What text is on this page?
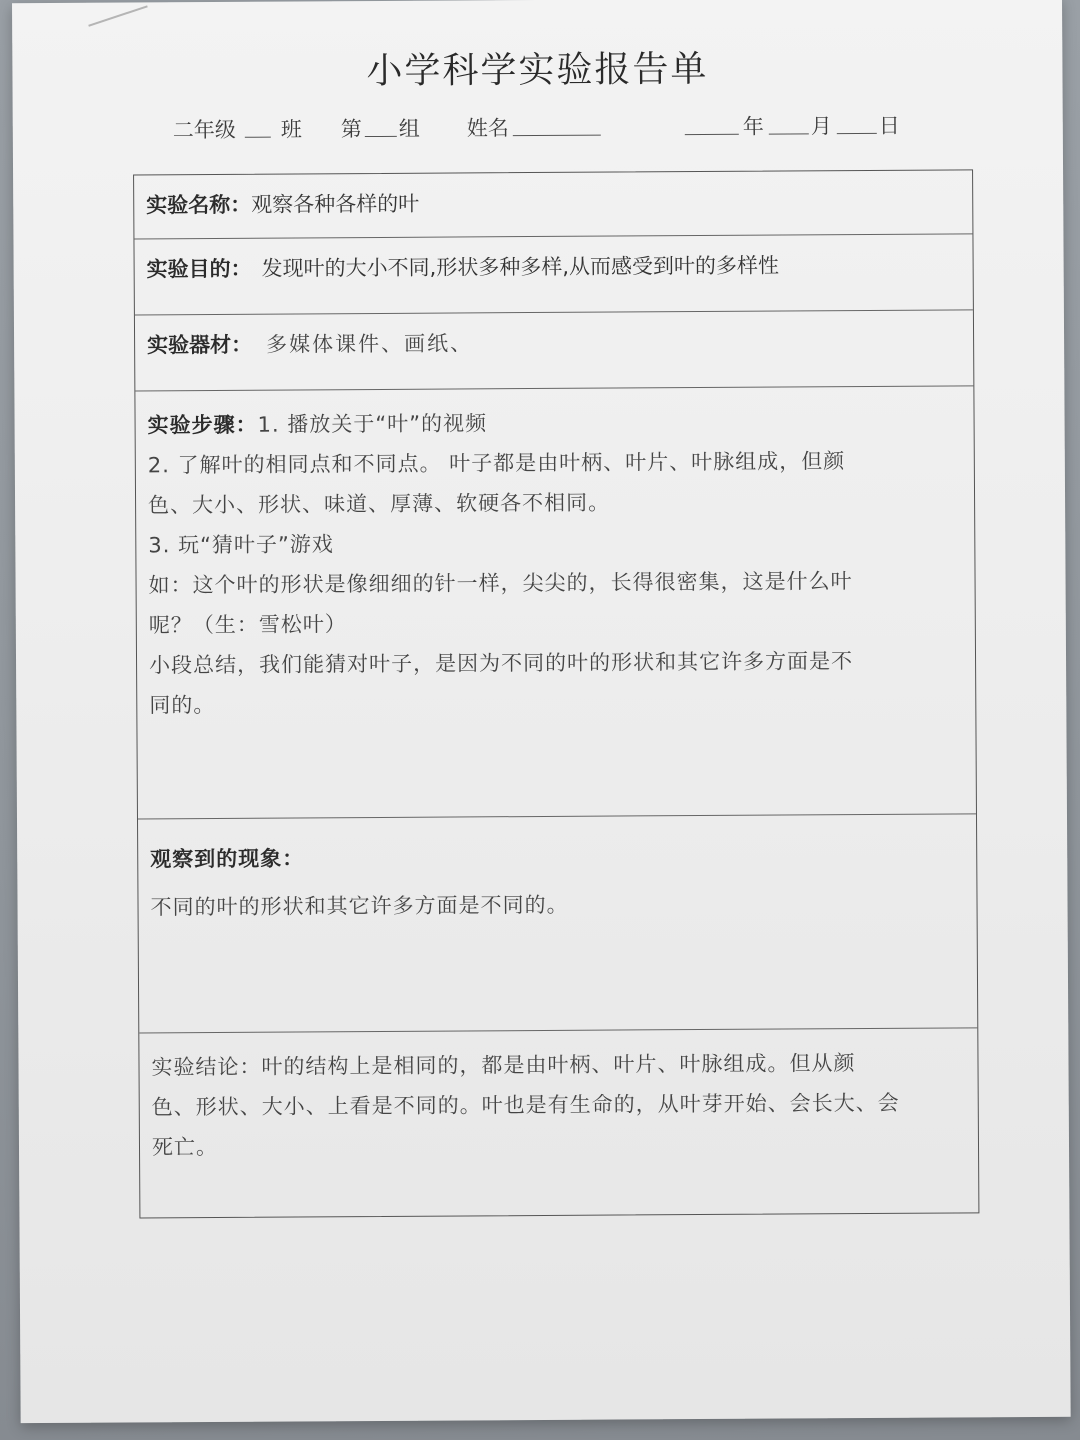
小学科学实验报告单
二年级 班 第 组 姓名	年 月 日
实验名称：观察各种各样的叶
实验目的： 发现叶的大小不同,形状多种多样,从而感受到叶的多样性
实验器材： 多媒体课件、画纸、

实验步骤：1. 播放关于“叶”的视频

2. 了解叶的相同点和不同点。 叶子都是由叶柄、叶片、叶脉组成，但颜

色、大小、形状、味道、厚薄、软硬各不相同。

3. 玩“猜叶子”游戏

如：这个叶的形状是像细细的针一样，尖尖的，长得很密集，这是什么叶

呢？（生：雪松叶）

小段总结，我们能猜对叶子，是因为不同的叶的形状和其它许多方面是不

同的。

观察到的现象：

不同的叶的形状和其它许多方面是不同的。

实验结论：叶的结构上是相同的，都是由叶柄、叶片、叶脉组成。但从颜

色、形状、大小、上看是不同的。叶也是有生命的，从叶芽开始、会长大、会

死亡。
